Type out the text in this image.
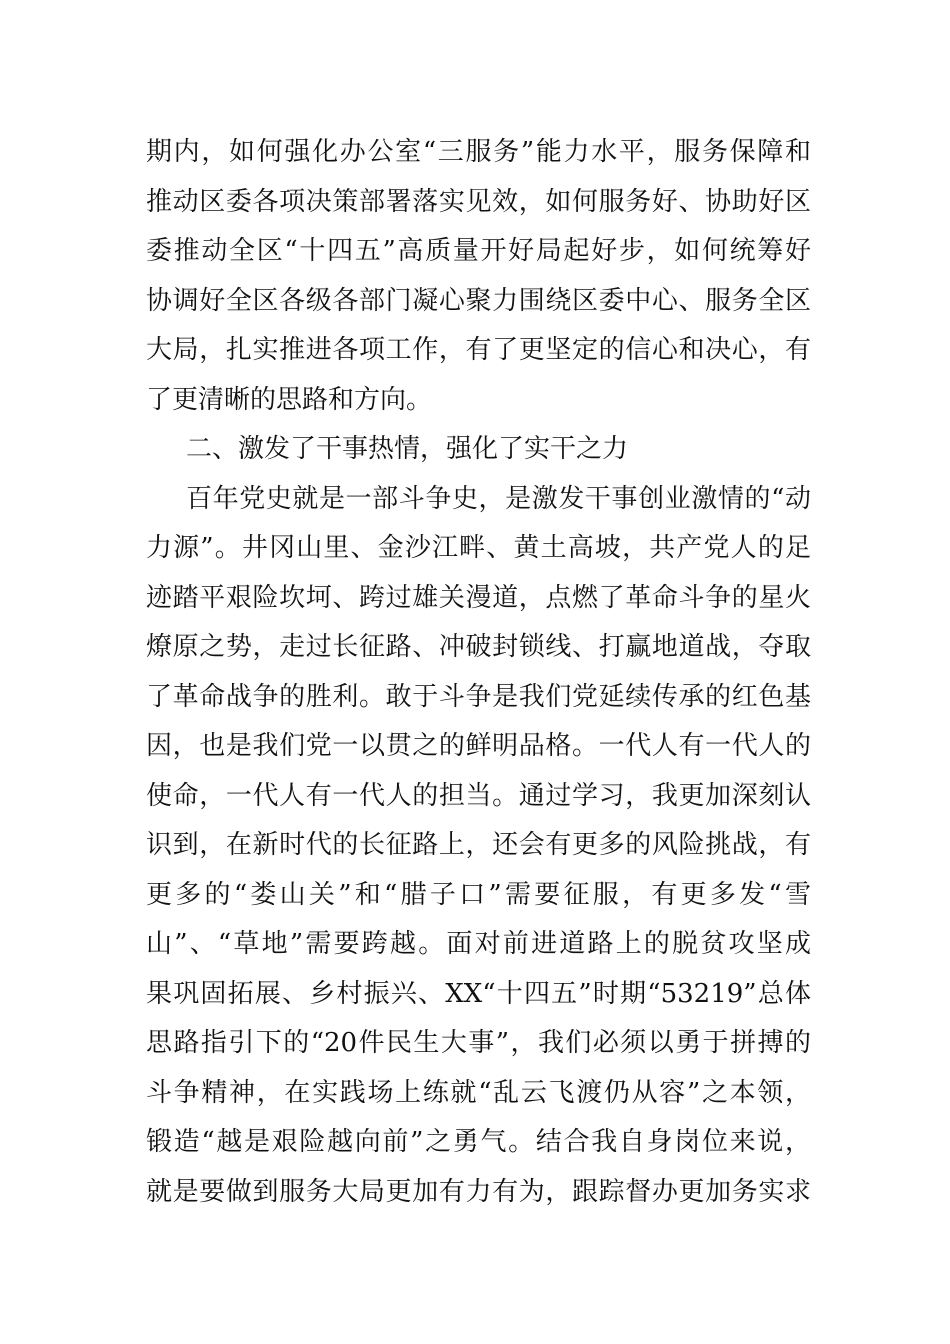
期内，如何强化办公室“三服务”能力水平，服务保障和
推动区委各项决策部署落实见效，如何服务好、协助好区
委推动全区“十四五”高质量开好局起好步，如何统筹好
协调好全区各级各部门凝心聚力围绕区委中心、服务全区
大局，扎实推进各项工作，有了更坚定的信心和决心，有
了更清晰的思路和方向。
二、激发了干事热情，强化了实干之力
百年党史就是一部斗争史，是激发干事创业激情的“动
力源”。井冈山里、金沙江畔、黄土高坡，共产党人的足
迹踏平艰险坎坷、跨过雄关漫道，点燃了革命斗争的星火
燎原之势，走过长征路、冲破封锁线、打赢地道战，夺取
了革命战争的胜利。敢于斗争是我们党延续传承的红色基
因，也是我们党一以贯之的鲜明品格。一代人有一代人的
使命，一代人有一代人的担当。通过学习，我更加深刻认
识到，在新时代的长征路上，还会有更多的风险挑战，有
更多的“娄山关”和“腊子口”需要征服，有更多发“雪
山”、“草地”需要跨越。面对前进道路上的脱贫攻坚成
果巩固拓展、乡村振兴、XX“十四五”时期“53219”总体
思路指引下的“20件民生大事”，我们必须以勇于拼搏的
斗争精神，在实践场上练就“乱云飞渡仍从容”之本领，
锻造“越是艰险越向前”之勇气。结合我自身岗位来说，
就是要做到服务大局更加有力有为，跟踪督办更加务实求
